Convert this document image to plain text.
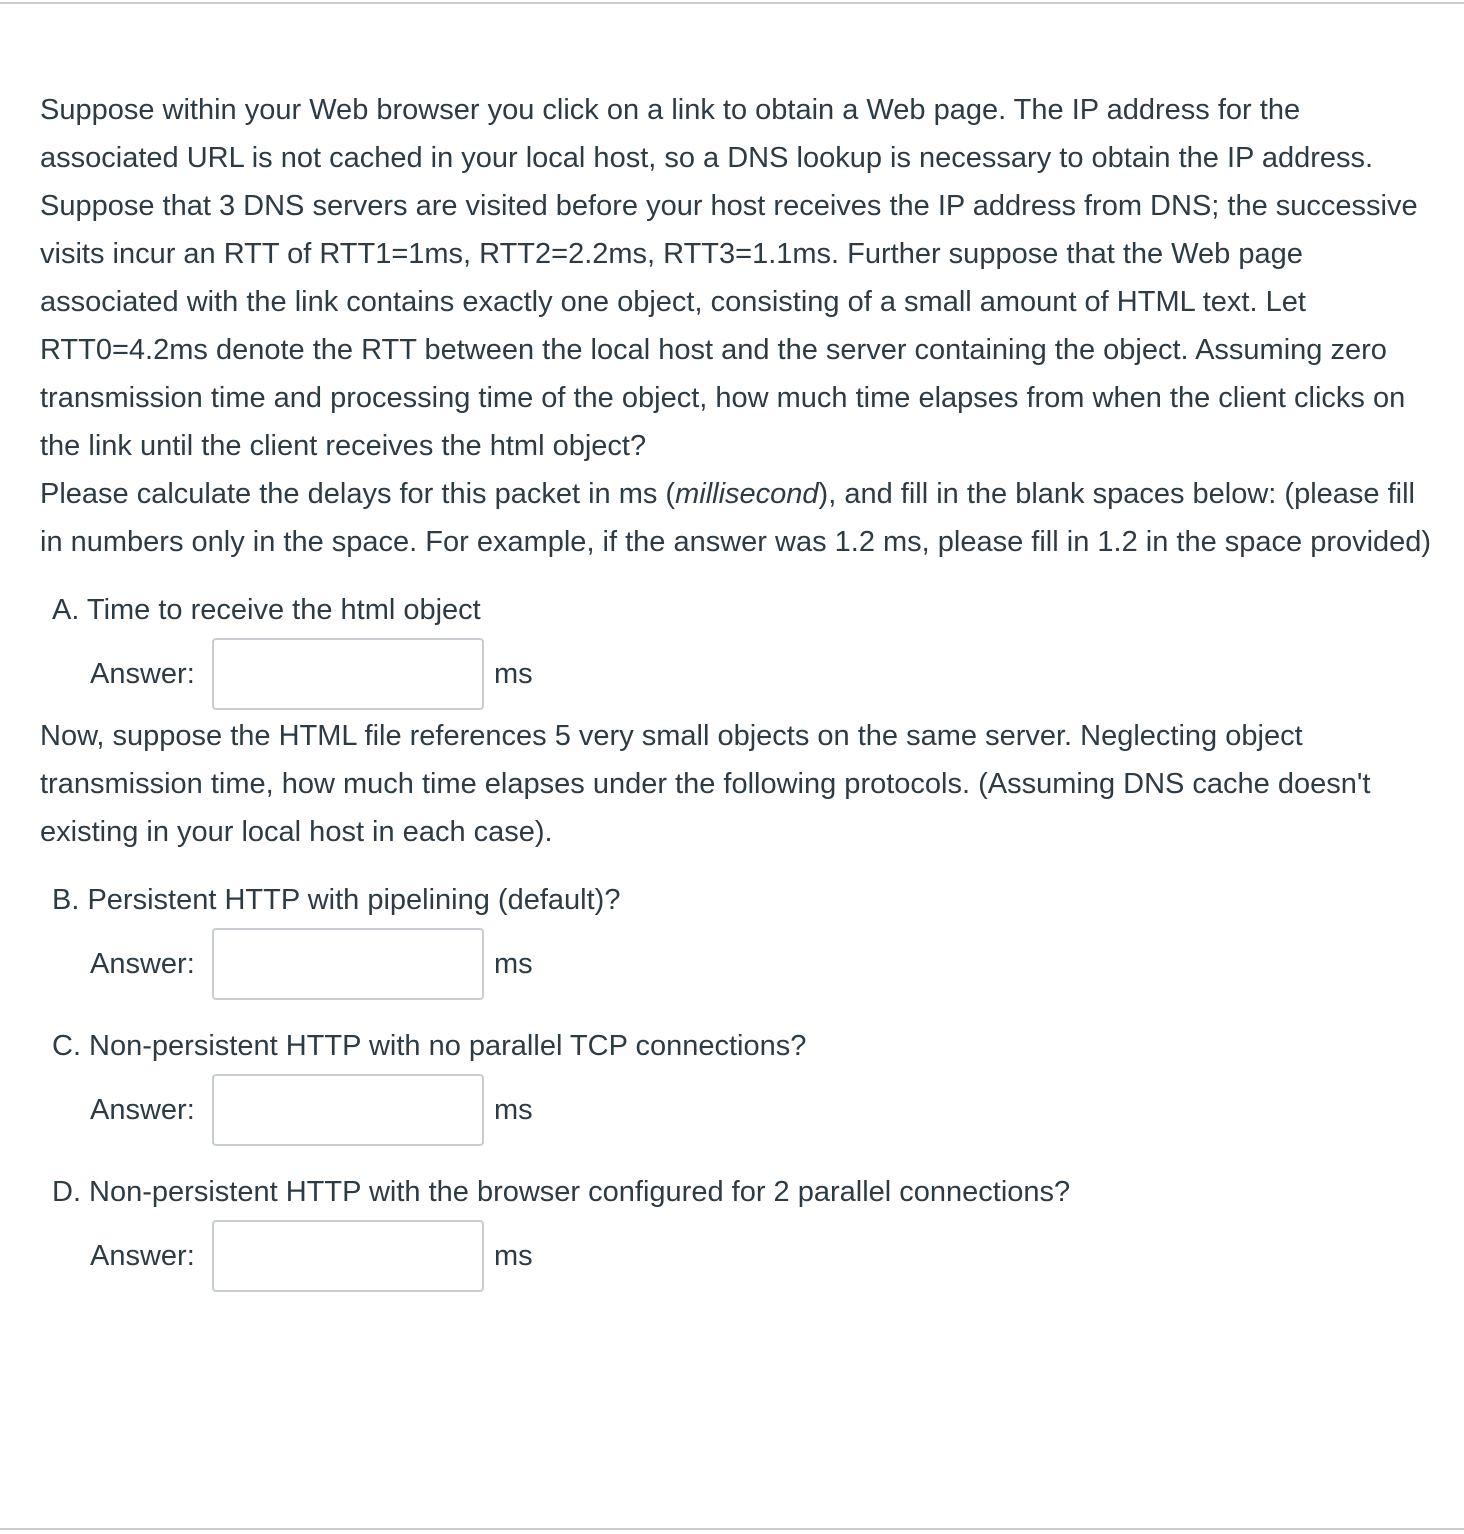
Suppose within your Web browser you click on a link to obtain a Web page. The IP address for the associated URL is not cached in your local host, so a DNS lookup is necessary to obtain the IP address. Suppose that 3 DNS servers are visited before your host receives the IP address from DNS; the successive visits incur an RTT of RTT1=1ms, RTT2=2.2ms, RTT3=1.1ms. Further suppose that the Web page associated with the link contains exactly one object, consisting of a small amount of HTML text. Let RTT0=4.2ms denote the RTT between the local host and the server containing the object. Assuming zero transmission time and processing time of the object, how much time elapses from when the client clicks on the link until the client receives the html object?

Please calculate the delays for this packet in ms (millisecond), and fill in the blank spaces below: (please fill in numbers only in the space. For example, if the answer was 1.2 ms, please fill in 1.2 in the space provided)

A. Time to receive the html object
Answer:	ms

Now, suppose the HTML file references 5 very small objects on the same server. Neglecting object transmission time, how much time elapses under the following protocols. (Assuming DNS cache doesn't existing in your local host in each case).

B. Persistent HTTP with pipelining (default)?
Answer:	ms
C. Non-persistent HTTP with no parallel TCP connections?
Answer:	ms
D. Non-persistent HTTP with the browser configured for 2 parallel connections?
Answer:	ms
